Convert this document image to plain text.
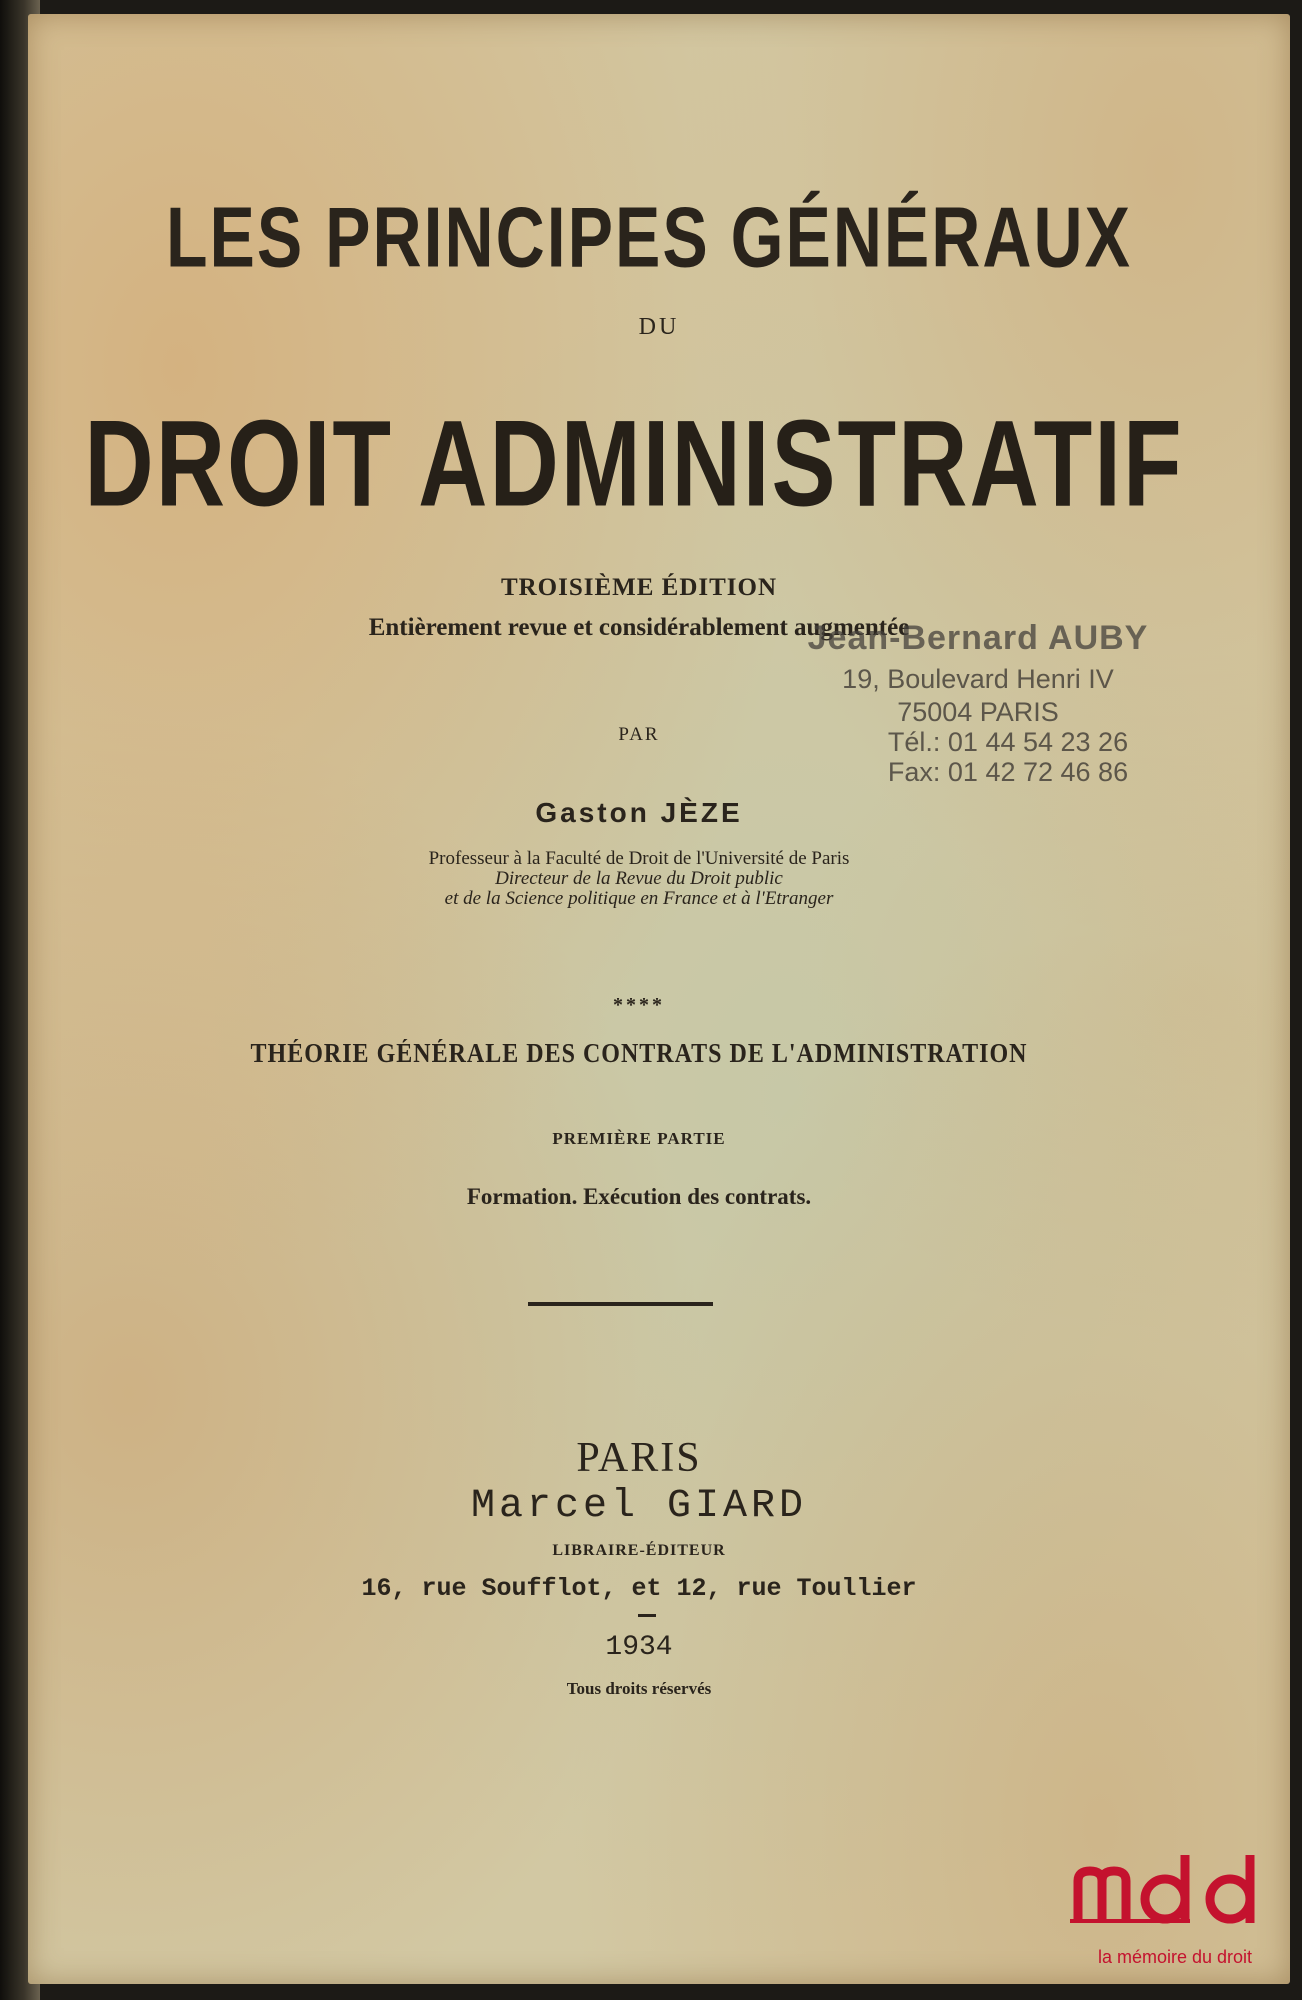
LES PRINCIPES GÉNÉRAUX
DU
DROIT ADMINISTRATIF
TROISIÈME ÉDITION
Entièrement revue et considérablement augmentée
PAR
Gaston JÈZE
Professeur à la Faculté de Droit de l'Université de Paris
Directeur de la Revue du Droit public
et de la Science politique en France et à l'Etranger
****
THÉORIE GÉNÉRALE DES CONTRATS DE L'ADMINISTRATION
PREMIÈRE PARTIE
Formation. Exécution des contrats.
PARIS
Marcel GIARD
LIBRAIRE-ÉDITEUR
16, rue Soufflot, et 12, rue Toullier
1934
Tous droits réservés
Jean-Bernard AUBY
19, Boulevard Henri IV
75004 PARIS
Tél.: 01 44 54 23 26
Fax: 01 42 72 46 86
la mémoire du droit
